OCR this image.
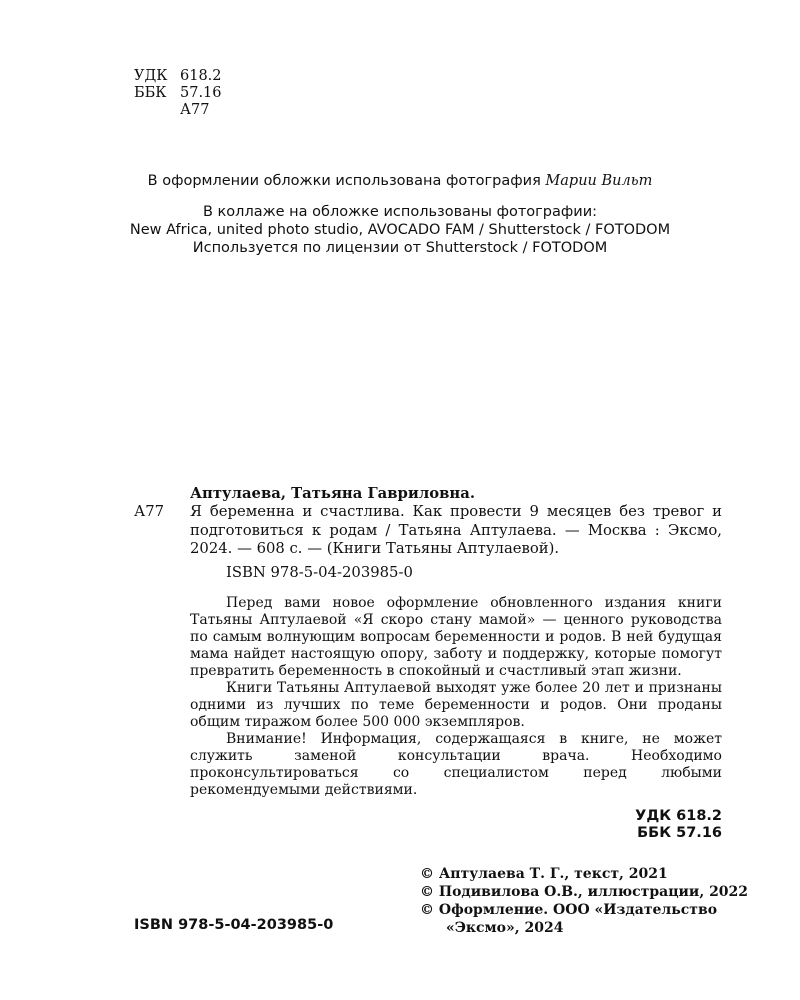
УДК 618.2
ББК 57.16
А77
В оформлении обложки использована фотография Марии Вильт
В коллаже на обложке использованы фотографии:
New Africa, united photo studio, AVOCADO FAM / Shutterstock / FOTODOM
Используется по лицензии от Shutterstock / FOTODOM
Аптулаева, Татьяна Гавриловна.
А77 Я беременна и счастлива. Как провести 9 месяцев без тревог и подготовиться к родам / Татьяна Аптулаева. — Москва : Эксмо, 2024. — 608 с. — (Книги Татьяны Аптулаевой).
ISBN 978-5-04-203985-0

Перед вами новое оформление обновленного издания книги Татьяны Аптулаевой «Я скоро стану мамой» — ценного руководства по самым волнующим вопросам беременности и родов. В ней будущая мама найдет настоящую опору, заботу и поддержку, которые помогут превратить беременность в спокойный и счастливый этап жизни.

Книги Татьяны Аптулаевой выходят уже более 20 лет и признаны одними из лучших по теме беременности и родов. Они проданы общим тиражом более 500 000 экземпляров.

Внимание! Информация, содержащаяся в книге, не может служить заменой консультации врача. Необходимо проконсультироваться со специалистом перед любыми рекомендуемыми действиями.

УДК 618.2
ББК 57.16
© Аптулаева Т. Г., текст, 2021
© Подивилова О.В., иллюстрации, 2022
© Оформление. ООО «Издательство
«Эксмо», 2024
ISBN 978-5-04-203985-0
